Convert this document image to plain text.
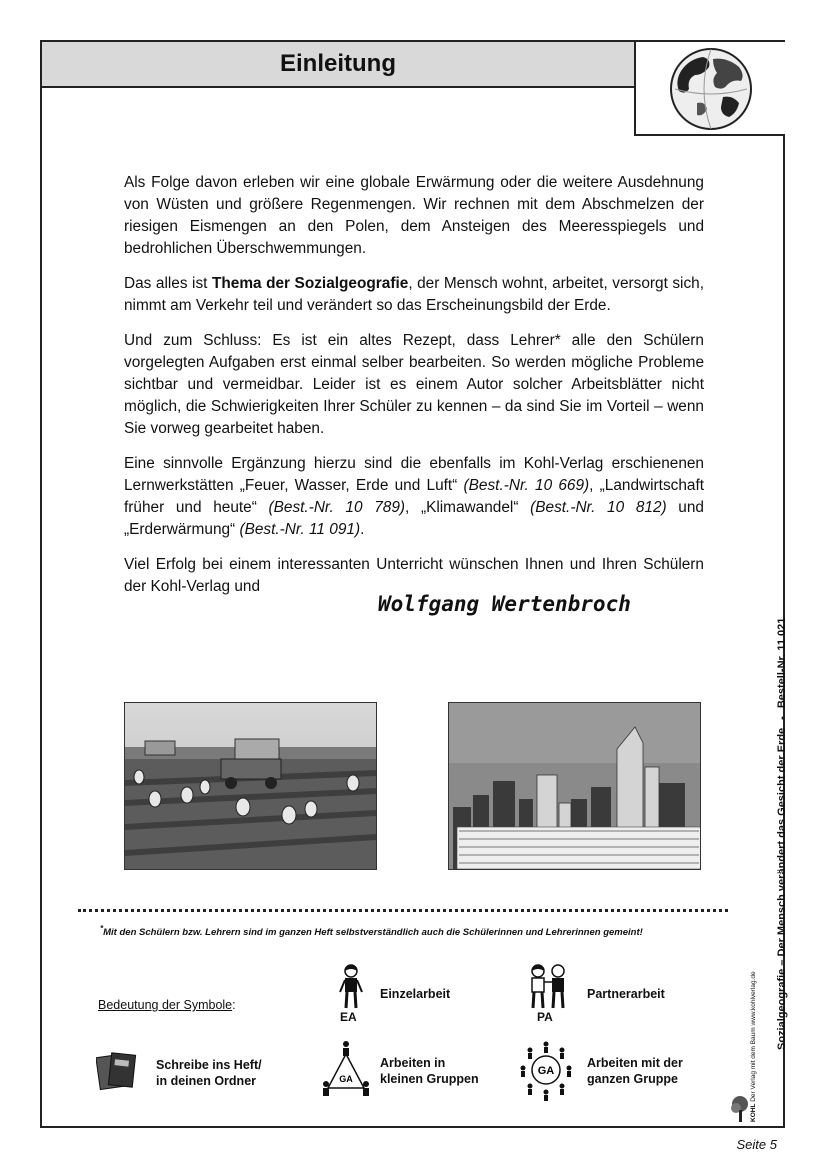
Einleitung

Als Folge davon erleben wir eine globale Erwärmung oder die weitere Ausdehnung von Wüsten und größere Regenmengen. Wir rechnen mit dem Abschmelzen der riesigen Eismengen an den Polen, dem Ansteigen des Meeresspiegels und bedrohlichen Überschwemmungen.

Das alles ist Thema der Sozialgeografie, der Mensch wohnt, arbeitet, versorgt sich, nimmt am Verkehr teil und verändert so das Erscheinungsbild der Erde.

Und zum Schluss: Es ist ein altes Rezept, dass Lehrer* alle den Schülern vorgelegten Aufgaben erst einmal selber bearbeiten. So werden mögliche Probleme sichtbar und vermeidbar. Leider ist es einem Autor solcher Arbeitsblätter nicht möglich, die Schwierigkeiten Ihrer Schüler zu kennen – da sind Sie im Vorteil – wenn Sie vorweg gearbeitet haben.

Eine sinnvolle Ergänzung hierzu sind die ebenfalls im Kohl-Verlag erschienenen Lernwerkstätten „Feuer, Wasser, Erde und Luft“ (Best.-Nr. 10 669), „Landwirtschaft früher und heute“ (Best.-Nr. 10 789), „Klimawandel“ (Best.-Nr. 10 812) und „Erderwärmung“ (Best.-Nr. 11 091).

Viel Erfolg bei einem interessanten Unterricht wünschen Ihnen und Ihren Schülern der Kohl-Verlag und

Wolfgang Wertenbroch
Sozialgeografie – Der Mensch verändert das Gesicht der Erde-Bestell-Nr. 11 021
*Mit den Schülern bzw. Lehrern sind im ganzen Heft selbstverständlich auch die Schülerinnen und Lehrerinnen gemeint!
Bedeutung der Symbole:
EA
Einzelarbeit
PA
Partnerarbeit
Schreibe ins Heft/
in deinen Ordner	GA
Arbeiten in
kleinen Gruppen
GA
Arbeiten mit der
ganzen Gruppe
KOHL Der Verlag mit dem Baum www.kohlverlag.de
Seite 5
